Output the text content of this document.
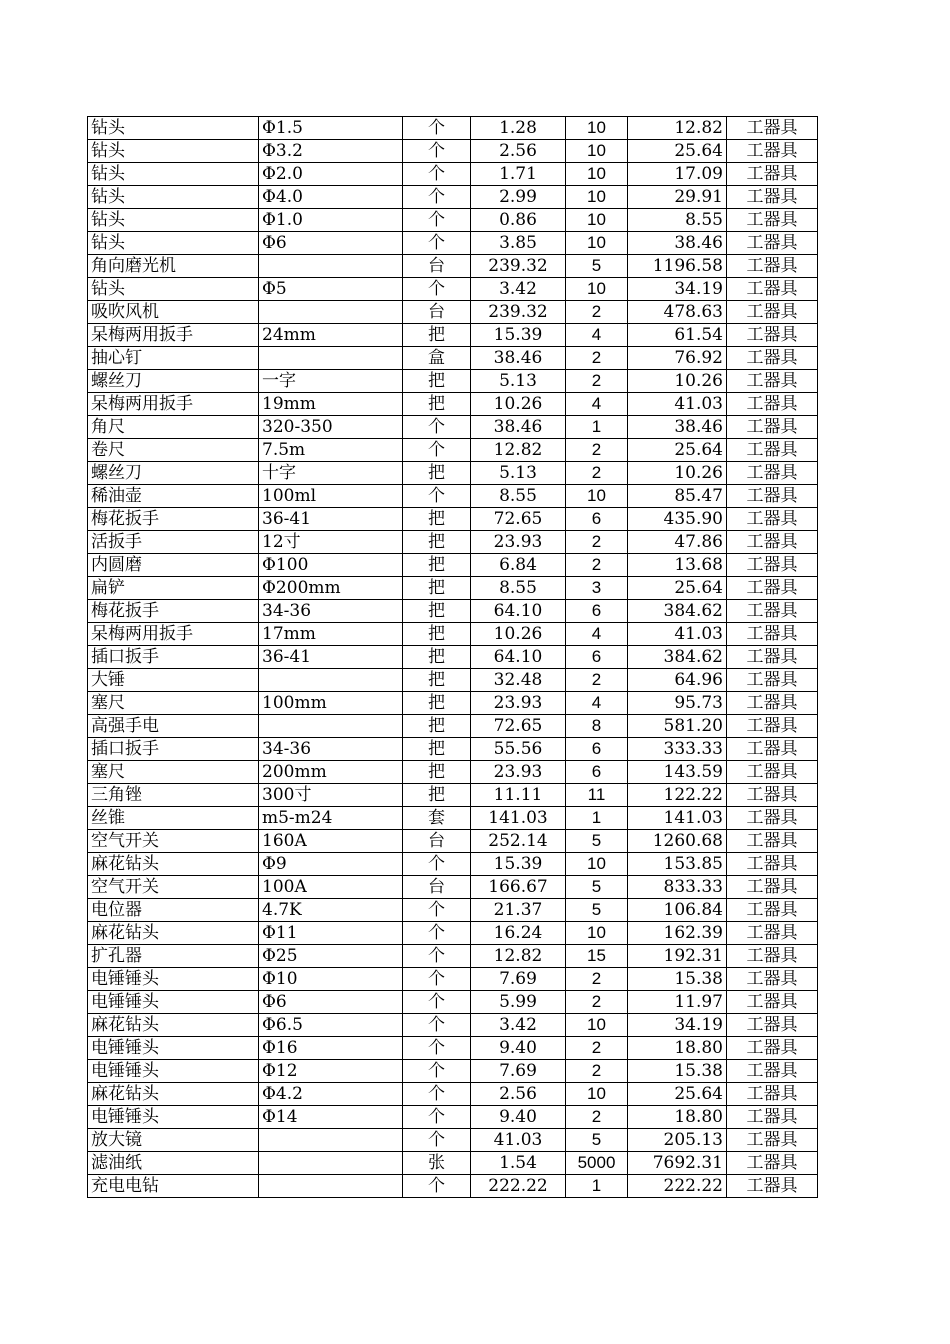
钻头	Φ1.5	个	1.28	10	12.82	工器具
钻头	Φ3.2	个	2.56	10	25.64	工器具
钻头	Φ2.0	个	1.71	10	17.09	工器具
钻头	Φ4.0	个	2.99	10	29.91	工器具
钻头	Φ1.0	个	0.86	10	8.55	工器具
钻头	Φ6	个	3.85	10	38.46	工器具
角向磨光机		台	239.32	5	1196.58	工器具
钻头	Φ5	个	3.42	10	34.19	工器具
吸吹风机		台	239.32	2	478.63	工器具
呆梅两用扳手	24mm	把	15.39	4	61.54	工器具
抽心钉		盒	38.46	2	76.92	工器具
螺丝刀	一字	把	5.13	2	10.26	工器具
呆梅两用扳手	19mm	把	10.26	4	41.03	工器具
角尺	320-350	个	38.46	1	38.46	工器具
卷尺	7.5m	个	12.82	2	25.64	工器具
螺丝刀	十字	把	5.13	2	10.26	工器具
稀油壶	100ml	个	8.55	10	85.47	工器具
梅花扳手	36-41	把	72.65	6	435.90	工器具
活扳手	12寸	把	23.93	2	47.86	工器具
内圆磨	Φ100	把	6.84	2	13.68	工器具
扁铲	Φ200mm	把	8.55	3	25.64	工器具
梅花扳手	34-36	把	64.10	6	384.62	工器具
呆梅两用扳手	17mm	把	10.26	4	41.03	工器具
插口扳手	36-41	把	64.10	6	384.62	工器具
大锤		把	32.48	2	64.96	工器具
塞尺	100mm	把	23.93	4	95.73	工器具
高强手电		把	72.65	8	581.20	工器具
插口扳手	34-36	把	55.56	6	333.33	工器具
塞尺	200mm	把	23.93	6	143.59	工器具
三角锉	300寸	把	11.11	11	122.22	工器具
丝锥	m5-m24	套	141.03	1	141.03	工器具
空气开关	160A	台	252.14	5	1260.68	工器具
麻花钻头	Φ9	个	15.39	10	153.85	工器具
空气开关	100A	台	166.67	5	833.33	工器具
电位器	4.7K	个	21.37	5	106.84	工器具
麻花钻头	Φ11	个	16.24	10	162.39	工器具
扩孔器	Φ25	个	12.82	15	192.31	工器具
电锤锤头	Φ10	个	7.69	2	15.38	工器具
电锤锤头	Φ6	个	5.99	2	11.97	工器具
麻花钻头	Φ6.5	个	3.42	10	34.19	工器具
电锤锤头	Φ16	个	9.40	2	18.80	工器具
电锤锤头	Φ12	个	7.69	2	15.38	工器具
麻花钻头	Φ4.2	个	2.56	10	25.64	工器具
电锤锤头	Φ14	个	9.40	2	18.80	工器具
放大镜		个	41.03	5	205.13	工器具
滤油纸		张	1.54	5000	7692.31	工器具
充电电钻		个	222.22	1	222.22	工器具
